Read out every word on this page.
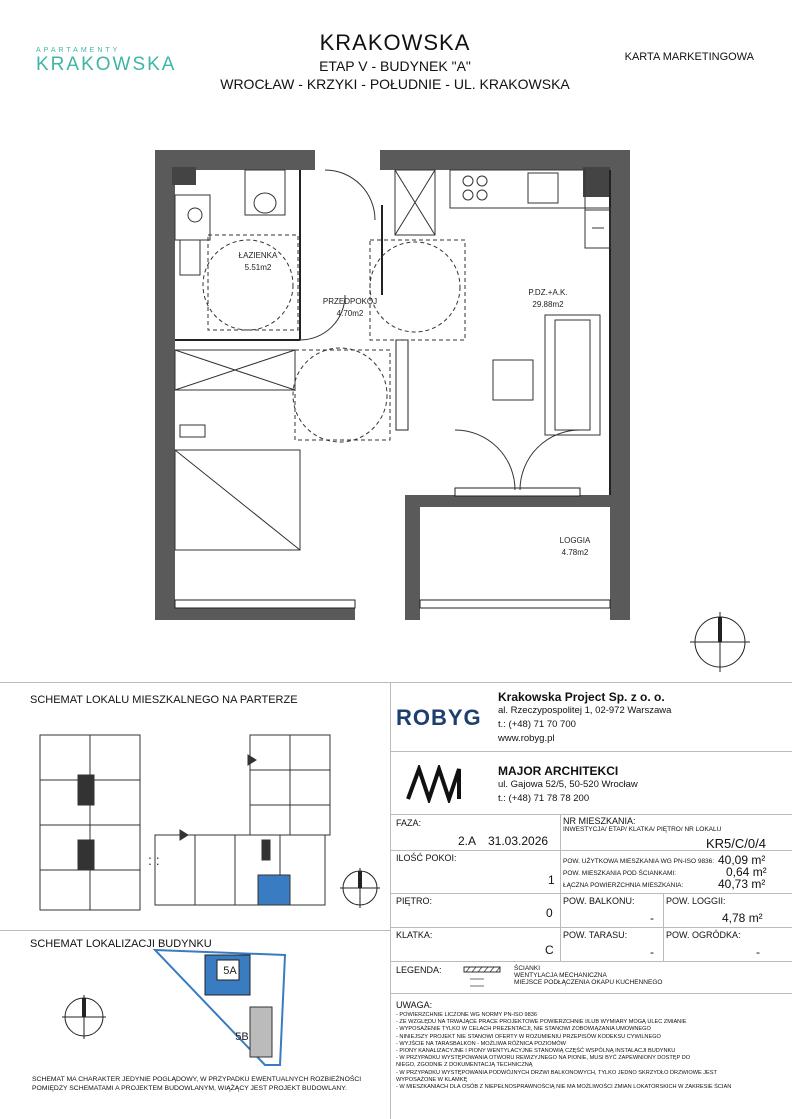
APARTAMENTY
KRAKOWSKA
KRAKOWSKA
ETAP V - BUDYNEK "A"
WROCŁAW - KRZYKI - POŁUDNIE - UL. KRAKOWSKA
KARTA MARKETINGOWA
ŁAZIENKA
5.51m2
PRZEDPOKÓJ
4.70m2
P.DZ.+A.K.
29.88m2
LOGGIA
4.78m2
SCHEMAT LOKALU MIESZKALNEGO NA PARTERZE
: :
SCHEMAT LOKALIZACJI BUDYNKU
5A
5B
SCHEMAT MA CHARAKTER JEDYNIE POGLĄDOWY, W PRZYPADKU EWENTUALNYCH ROZBIEŻNOŚCI POMIĘDZY SCHEMATAMI A PROJEKTEM BUDOWLANYM, WIĄŻĄCY JEST PROJEKT BUDOWLANY.
ROBYG
Krakowska Project Sp. z o. o.
al. Rzeczypospolitej 1, 02-972 Warszawa
t.: (+48) 71 70 700
www.robyg.pl
MAJOR ARCHITEKCI
ul. Gajowa 52/5, 50-520 Wrocław
t.: (+48) 71 78 78 200
FAZA:
2.A 31.03.2026
NR MIESZKANIA:
INWESTYCJA/ ETAP/ KLATKA/ PIĘTRO/ NR LOKALU
KR5/C/0/4
ILOŚĆ POKOI:
1
POW. UŻYTKOWA MIESZKANIA WG PN-ISO 9836: 40,09 m²
POW. MIESZKANIA POD ŚCIANKAMI:	0,64 m²
ŁĄCZNA POWIERZCHNIA MIESZKANIA:	40,73 m²
PIĘTRO:
0
POW. BALKONU:
-
POW. LOGGII:
4,78 m²
KLATKA:
C
POW. TARASU:
-
POW. OGRÓDKA:
-
LEGENDA:	ŚCIANKI
WENTYLACJA MECHANICZNA
MIEJSCE PODŁĄCZENIA OKAPU KUCHENNEGO
UWAGA:
- POWIERZCHNIE LICZONE WG NORMY PN-ISO 9836
- ZE WZGLĘDU NA TRWAJĄCE PRACE PROJEKTOWE POWIERZCHNIE I/LUB WYMIARY MOGĄ ULEC ZMIANIE
- WYPOSAŻENIE TYLKO W CELACH PREZENTACJI, NIE STANOWI ZOBOWIĄZANIA UMOWNEGO
- NINIEJSZY PROJEKT NIE STANOWI OFERTY W ROZUMIENIU PRZEPISÓW KODEKSU CYWILNEGO
- WYJŚCIE NA TARASBALKON - MOŻLIWA RÓŻNICA POZIOMÓW
- PIONY KANALIZACYJNE I PIONY WENTYLACYJNE STANOWIĄ CZĘŚĆ WSPÓLNĄ INSTALACJI BUDYNKU
- W PRZYPADKU WYSTĘPOWANIA OTWORU REWIZYJNEGO NA PIONIE, MUSI BYĆ ZAPEWNIONY DOSTĘP DO
NIEGO, ZGODNIE Z DOKUMENTACJĄ TECHNICZNĄ
- W PRZYPADKU WYSTĘPOWANIA PODWÓJNYCH DRZWI BALKONOWYCH, TYLKO JEDNO SKRZYDŁO DRZWIOWE JEST
WYPOSAŻONE W KLAMKĘ
- W MIESZKANIACH DLA OSÓB Z NIEPEŁNOSPRAWNOŚCIĄ NIE MA MOŻLIWOŚCI ZMIAN LOKATORSKICH W ZAKRESIE ŚCIAN
